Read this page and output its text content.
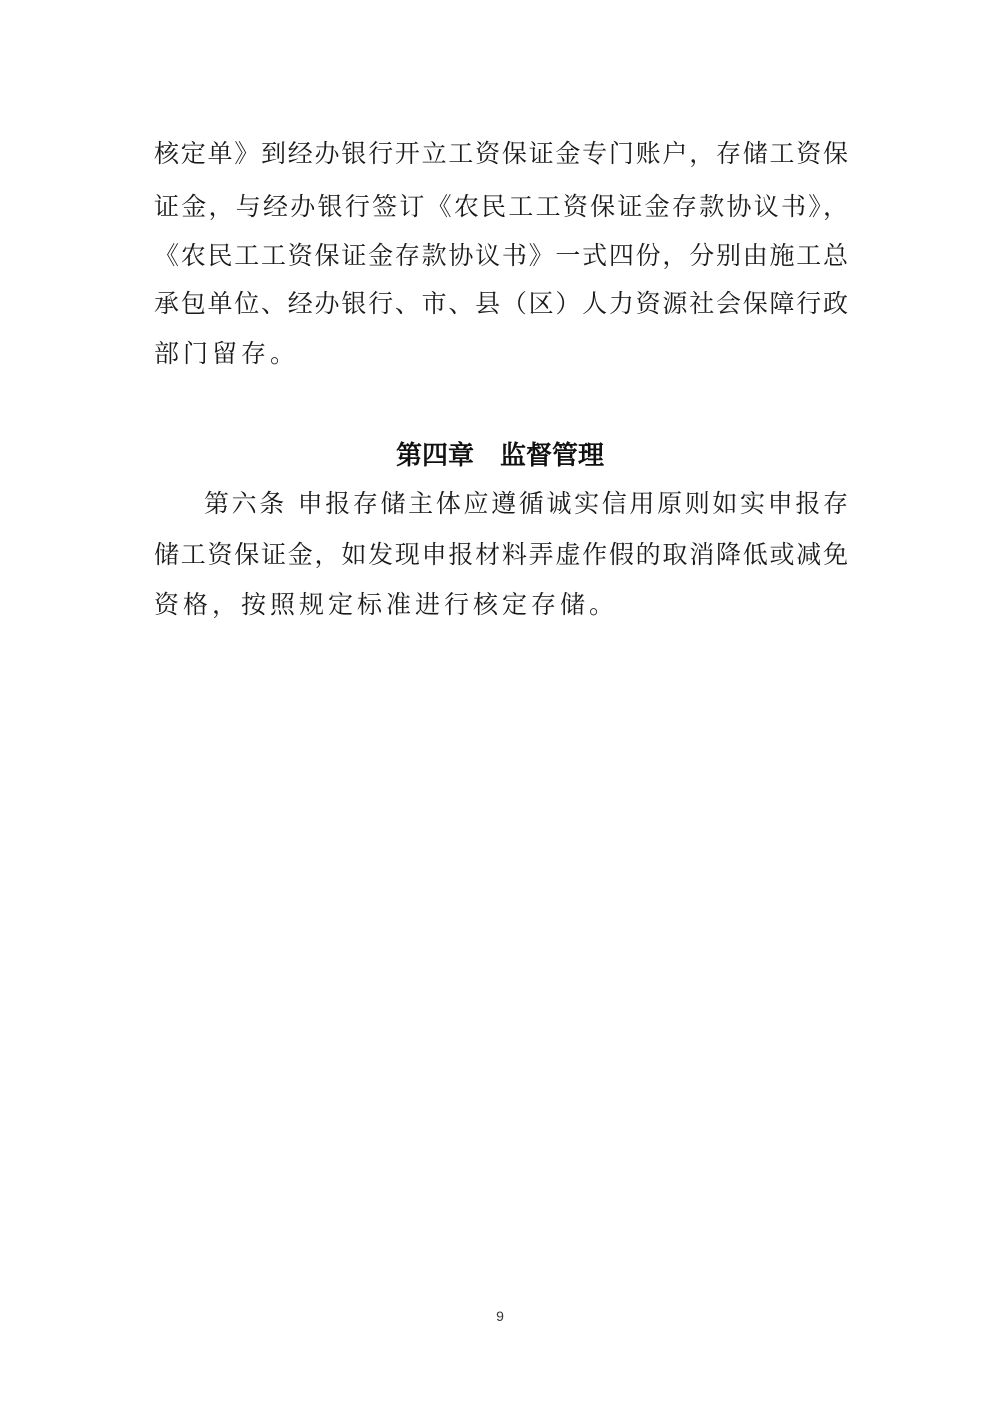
核定单》到经办银行开立工资保证金专门账户，存储工资保
证金，与经办银行签订《农民工工资保证金存款协议书》，
《农民工工资保证金存款协议书》一式四份，分别由施工总
承包单位、经办银行、市、县（区）人力资源社会保障行政
部门留存。
第四章　监督管理
第六条 申报存储主体应遵循诚实信用原则如实申报存
储工资保证金，如发现申报材料弄虚作假的取消降低或减免
资格，按照规定标准进行核定存储。
9
